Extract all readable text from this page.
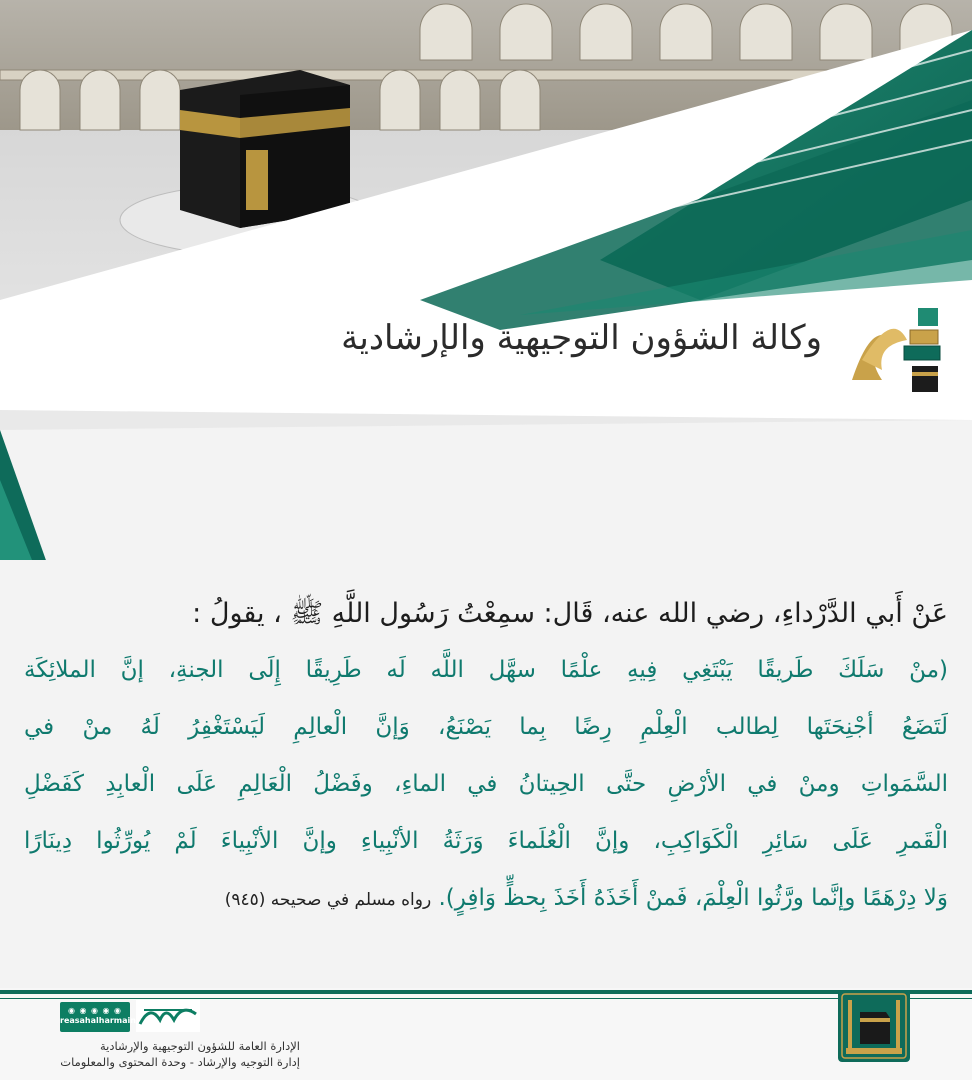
وكالة الشؤون التوجيهية والإرشادية

عَنْ أَبي الدَّرْداءِ، رضي الله عنه، قَال: سمِعْتُ رَسُول اللَّهِ ﷺ ، يقولُ :

(منْ سَلَكَ طَريقًا يَبْتَغِي فِيهِ علْمًا سهَّل اللَّه لَه طَرِيقًا إِلَى الجنةِ، إنَّ الملائِكَة
لَتَضَعُ أجْنِحَتَها لِطالب الْعِلْمِ رِضًا بِما يَصْنَعُ، وَإنَّ الْعالِمِ لَيَسْتَغْفِرُ لَهُ منْ في
السَّمَواتِ ومنْ في الأرْضِ حتَّى الحِيتانُ في الماءِ، وفَضْلُ الْعَالِمِ عَلَى الْعابِدِ كَفَضْلِ
الْقَمرِ عَلَى سَائِرِ الْكَوَاكِبِ، وإنَّ الْعُلَماءَ وَرَثَةُ الأنْبِياءِ وإنَّ الأنْبِياءَ لَمْ يُورِّثُوا دِينَارًا
وَلا دِرْهَمًا وإنَّما ورَّثُوا الْعِلْمَ، فَمنْ أَخَذَهُ أَخَذَ بِحظٍّ وَافِرٍ). رواه مسلم في صحيحه (٩٤٥)
◉ ◉ ◉ ◉ ◉
reasahalharmain
الإدارة العامة للشؤون التوجيهية والإرشادية
إدارة التوجيه والإرشاد - وحدة المحتوى والمعلومات
